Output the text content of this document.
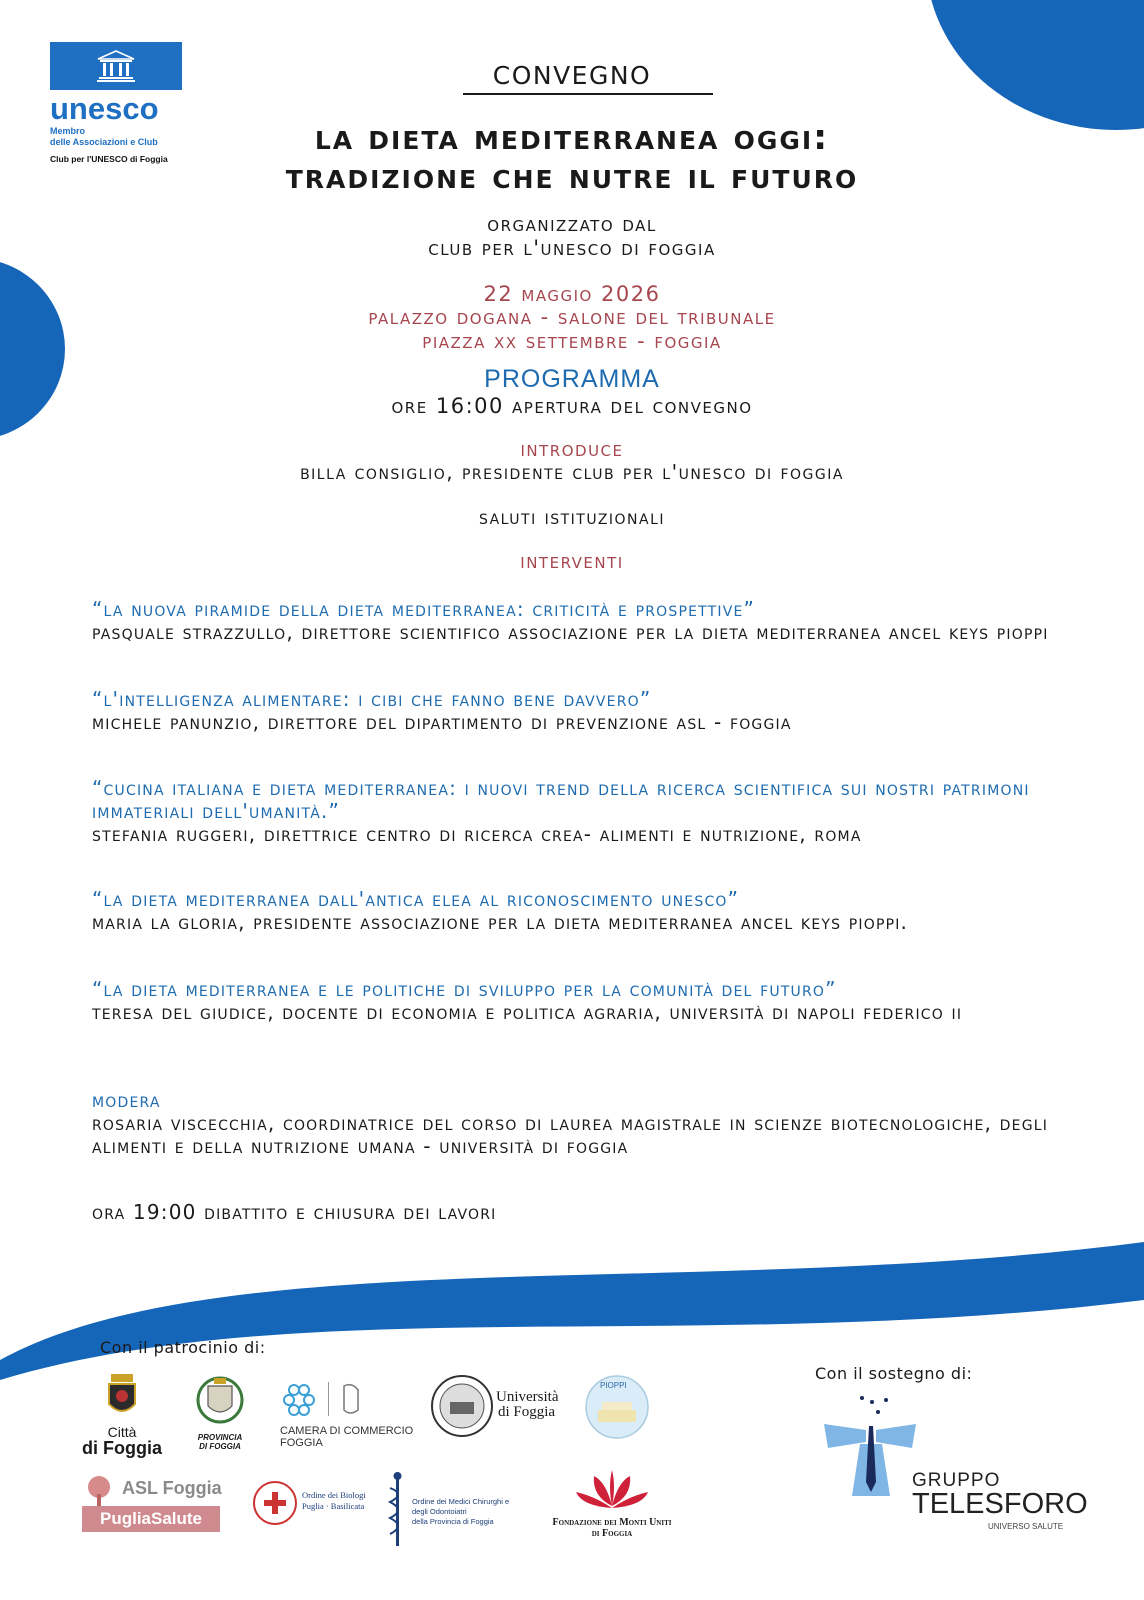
unesco
Membro
delle Associazioni e Club
Club per l'UNESCO di Foggia
convegno
la dieta mediterranea oggi:
tradizione che nutre il futuro
organizzato dal
club per l'unesco di foggia
22 maggio 2026
palazzo dogana - salone del tribunale
piazza xx settembre - foggia
PROGRAMMA
ore 16:00 apertura del convegno
introduce
billa consiglio, presidente club per l'unesco di foggia
saluti istituzionali
interventi
“la nuova piramide della dieta mediterranea: criticità e prospettive”
pasquale strazzullo, direttore scientifico associazione per la dieta mediterranea ancel keys pioppi
“l'intelligenza alimentare: i cibi che fanno bene davvero”
michele panunzio, direttore del dipartimento di prevenzione asl - foggia
“cucina italiana e dieta mediterranea: i nuovi trend della ricerca scientifica sui nostri patrimoni immateriali dell'umanità.”
stefania ruggeri, direttrice centro di ricerca crea- alimenti e nutrizione, roma
“la dieta mediterranea dall'antica elea al riconoscimento unesco”
maria la gloria, presidente associazione per la dieta mediterranea ancel keys pioppi.
“la dieta mediterranea e le politiche di sviluppo per la comunità del futuro”
teresa del giudice, docente di economia e politica agraria, università di napoli federico ii
modera
rosaria viscecchia, coordinatrice del corso di laurea magistrale in scienze biotecnologiche, degli alimenti e della nutrizione umana - università di foggia
ora 19:00 dibattito e chiusura dei lavori
Con il patrocinio di:
Con il sostegno di:
Città
di Foggia
PROVINCIA
DI FOGGIA
CAMERA DI COMMERCIO
FOGGIA
Università
di Foggia
PIOPPI
ASL Foggia
PugliaSalute
Ordine dei Biologi
Puglia · Basilicata	Ordine dei Medici Chirurghi e
degli Odontoiatri
della Provincia di Foggia	Fondazione dei Monti Uniti
di Foggia
GRUPPO
TELESFORO
UNIVERSO SALUTE
